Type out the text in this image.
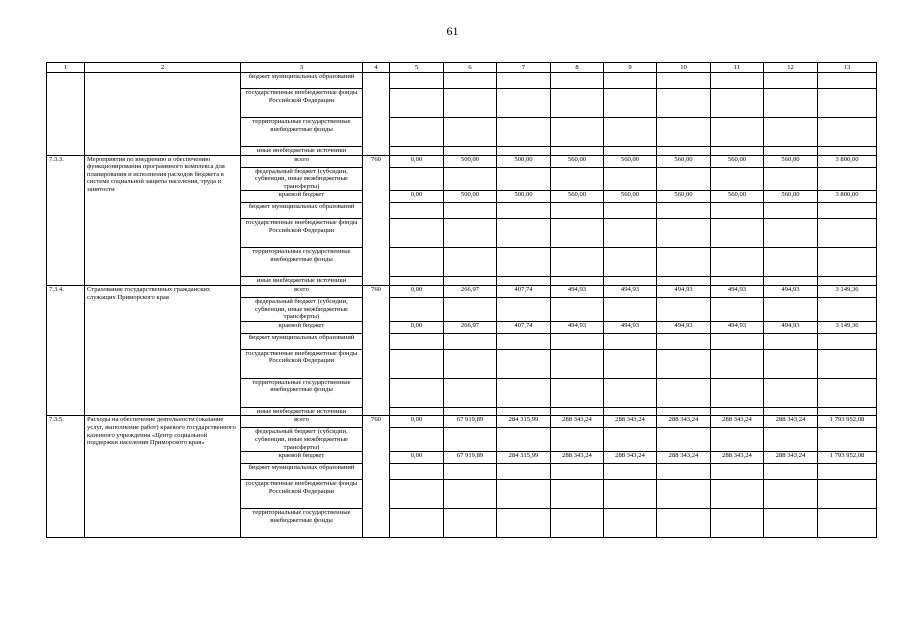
61
1	2	3	4	5	6	7	8	9	10	11	12	13
		бюджет муниципальных образований										
		государственные внебюджетные фонды Российской Федерации										
		территориальные государственные внебюджетные фонды										
		иные внебюджетные источники										
7.3.3.	Мероприятия по внедрению и обеспечению функционирования программного комплекса для планирования и исполнения расходов бюджета в системе социальной защиты населения, труда и занятости	всего	760	0,00	500,00	500,00	560,00	560,00	560,00	560,00	560,00	3 800,00
		федеральный бюджет (субсидии, субвенции, иные межбюджетные трансферты)										
		краевой бюджет		0,00	500,00	500,00	560,00	560,00	560,00	560,00	560,00	3 800,00
		бюджет муниципальных образований										
		государственные внебюджетные фонды Российской Федерации										
		территориальные государственные внебюджетные фонды										
		иные внебюджетные источники										
7.3.4.	Страхование государственных гражданских служащих Приморского края	всего	760	0,00	266,97	407,74	494,93	494,93	494,93	494,93	494,93	3 149,36
		федеральный бюджет (субсидии, субвенции, иные межбюджетные трансферты)										
		краевой бюджет		0,00	266,97	407,74	494,93	494,93	494,93	494,93	494,93	3 149,36
		бюджет муниципальных образований										
		государственные внебюджетные фонды Российской Федерации										
		территориальные государственные внебюджетные фонды										
		иные внебюджетные источники										
7.3.5.	Расходы на обеспечение деятельности (оказание услуг, выполнение работ) краевого государственного казенного учреждения «Центр социальной поддержки населения Приморского края»	всего	760	0,00	67 919,89	284 315,99	288 343,24	288 343,24	288 343,24	288 343,24	288 343,24	1 793 952,08
		федеральный бюджет (субсидии, субвенции, иные межбюджетные трансферты)										
		краевой бюджет		0,00	67 919,89	284 315,99	288 343,24	288 343,24	288 343,24	288 343,24	288 343,24	1 793 952,08
		бюджет муниципальных образований										
		государственные внебюджетные фонды Российской Федерации										
		территориальные государственные внебюджетные фонды										
